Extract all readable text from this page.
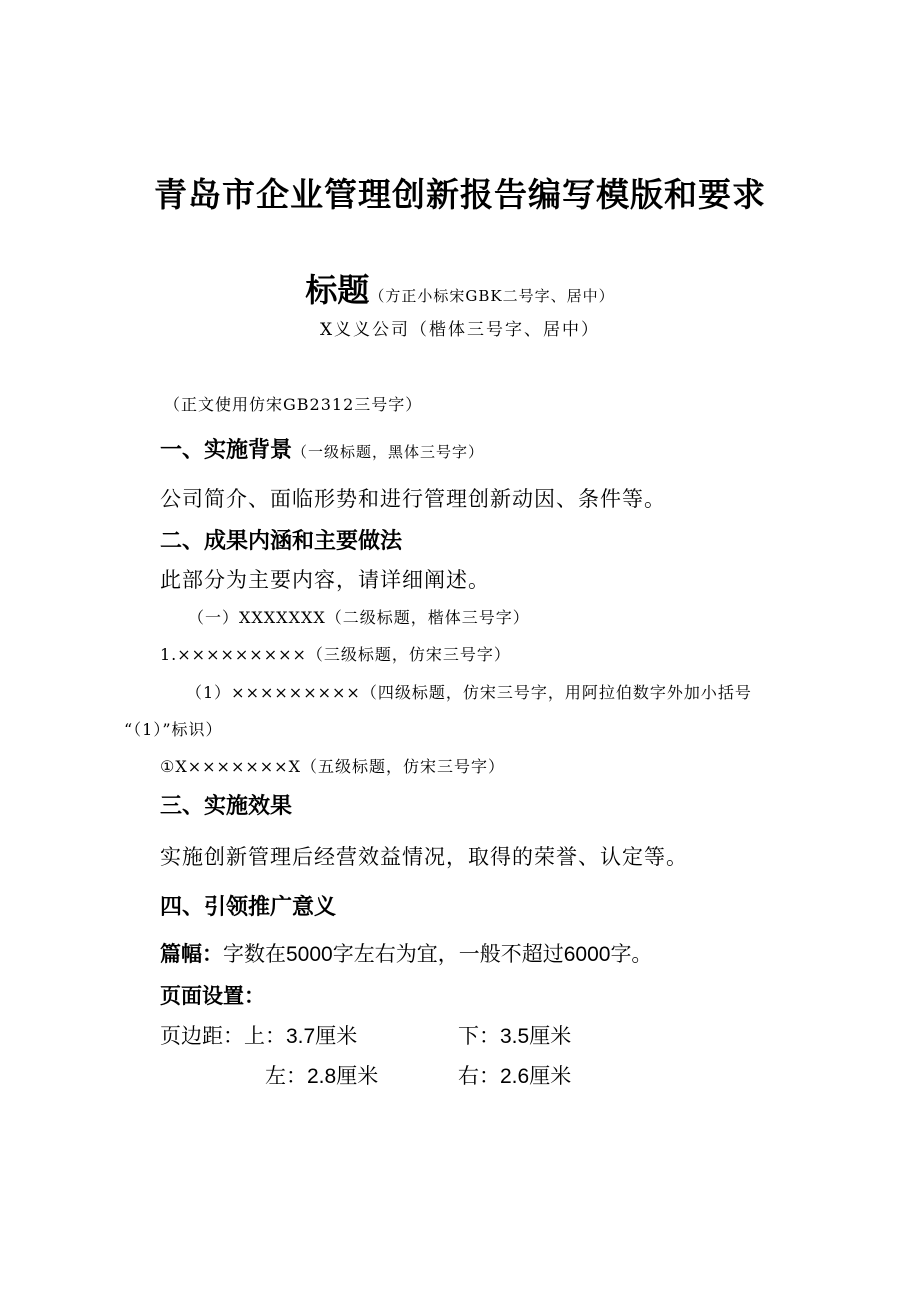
青岛市企业管理创新报告编写模版和要求
标题（方正小标宋GBK二号字、居中）
X义义公司（楷体三号字、居中）
（正文使用仿宋GB2312三号字）
一、实施背景（一级标题，黑体三号字）
公司简介、面临形势和进行管理创新动因、条件等。
二、成果内涵和主要做法
此部分为主要内容，请详细阐述。
（一）XXXXXXX（二级标题，楷体三号字）
1.×××××××××（三级标题，仿宋三号字）
（1）×××××××××（四级标题，仿宋三号字，用阿拉伯数字外加小括号
“（1）”标识）
①X×××××××X（五级标题，仿宋三号字）
三、实施效果
实施创新管理后经营效益情况，取得的荣誉、认定等。
四、引领推广意义
篇幅：字数在5000字左右为宜，一般不超过6000字。
页面设置：
页边距：上：3.7厘米	下：3.5厘米
左：2.8厘米	右：2.6厘米
